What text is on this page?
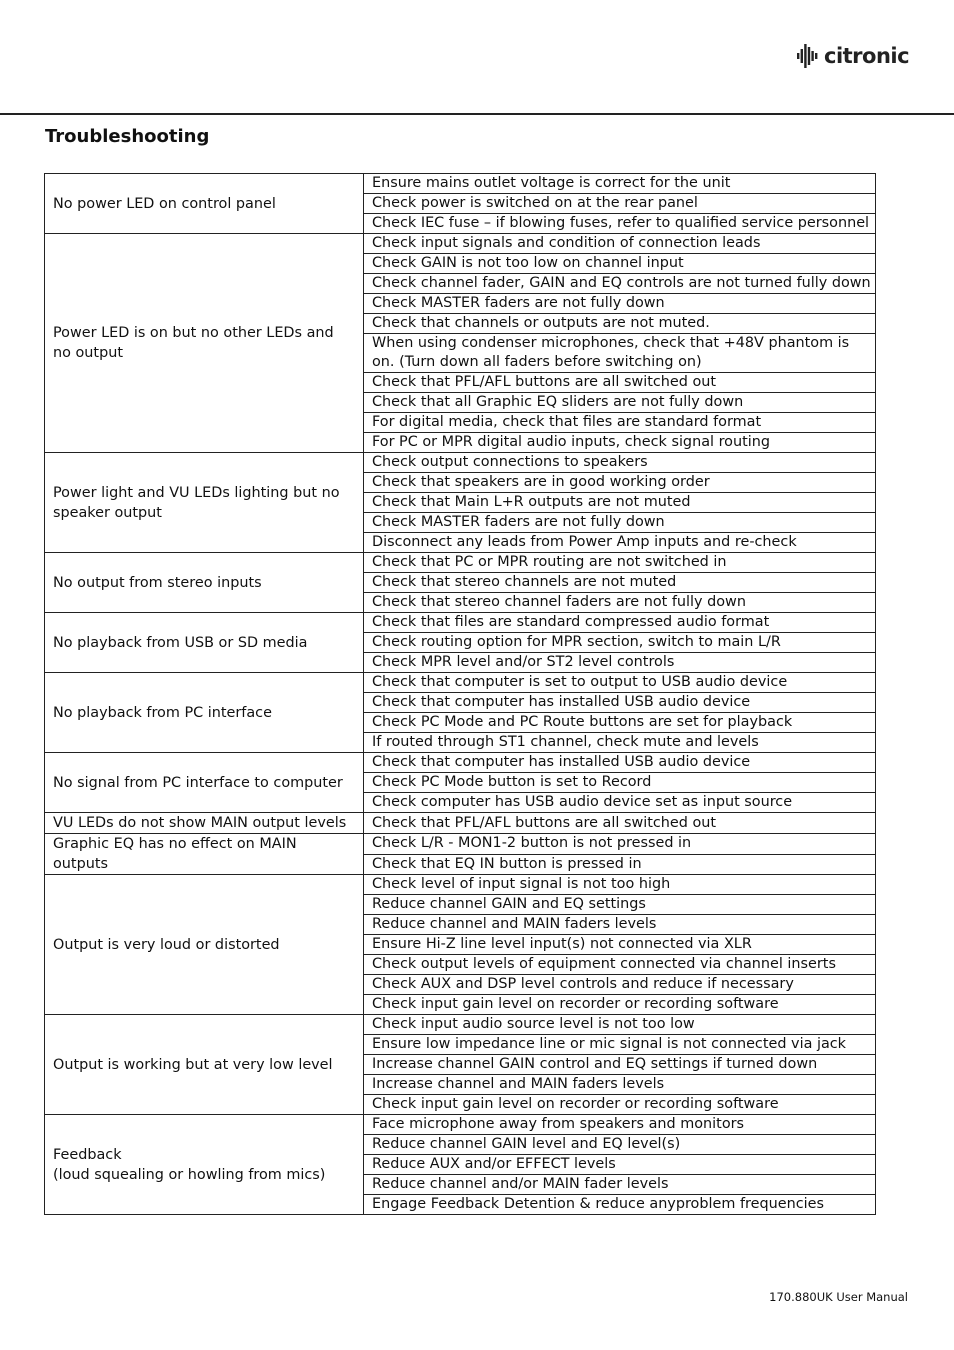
citronic
Troubleshooting
No power LED on control panel	Ensure mains outlet voltage is correct for the unit
	Check power is switched on at the rear panel
	Check IEC fuse – if blowing fuses, refer to qualified service personnel
Power LED is on but no other LEDs and no output	Check input signals and condition of connection leads
	Check GAIN is not too low on channel input
	Check channel fader, GAIN and EQ controls are not turned fully down
	Check MASTER faders are not fully down
	Check that channels or outputs are not muted.
	When using condenser microphones, check that +48V phantom is on. (Turn down all faders before switching on)
	Check that PFL/AFL buttons are all switched out
	Check that all Graphic EQ sliders are not fully down
	For digital media, check that files are standard format
	For PC or MPR digital audio inputs, check signal routing
Power light and VU LEDs lighting but no speaker output	Check output connections to speakers
	Check that speakers are in good working order
	Check that Main L+R outputs are not muted
	Check MASTER faders are not fully down
	Disconnect any leads from Power Amp inputs and re-check
No output from stereo inputs	Check that PC or MPR routing are not switched in
	Check that stereo channels are not muted
	Check that stereo channel faders are not fully down
No playback from USB or SD media	Check that files are standard compressed audio format
	Check routing option for MPR section, switch to main L/R
	Check MPR level and/or ST2 level controls
No playback from PC interface	Check that computer is set to output to USB audio device
	Check that computer has installed USB audio device
	Check PC Mode and PC Route buttons are set for playback
	If routed through ST1 channel, check mute and levels
No signal from PC interface to computer	Check that computer has installed USB audio device
	Check PC Mode button is set to Record
	Check computer has USB audio device set as input source
VU LEDs do not show MAIN output levels	Check that PFL/AFL buttons are all switched out
Graphic EQ has no effect on MAIN outputs	Check L/R - MON1-2 button is not pressed in
	Check that EQ IN button is pressed in
Output is very loud or distorted	Check level of input signal is not too high
	Reduce channel GAIN and EQ settings
	Reduce channel and MAIN faders levels
	Ensure Hi-Z line level input(s) not connected via XLR
	Check output levels of equipment connected via channel inserts
	Check AUX and DSP level controls and reduce if necessary
	Check input gain level on recorder or recording software
Output is working but at very low level	Check input audio source level is not too low
	Ensure low impedance line or mic signal is not connected via jack
	Increase channel GAIN control and EQ settings if turned down
	Increase channel and MAIN faders levels
	Check input gain level on recorder or recording software
Feedback
(loud squealing or howling from mics)	Face microphone away from speakers and monitors
	Reduce channel GAIN level and EQ level(s)
	Reduce AUX and/or EFFECT levels
	Reduce channel and/or MAIN fader levels
	Engage Feedback Detention & reduce anyproblem frequencies
170.880UK User Manual
